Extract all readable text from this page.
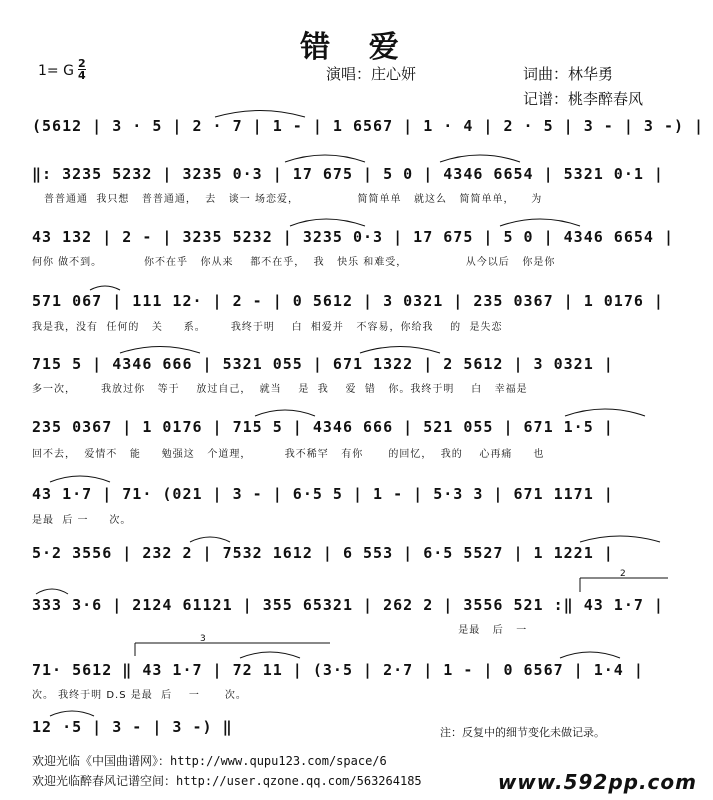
错 爱
1= G $\frac{2}{4}$	演唱：庄心妍	词曲：林华勇
记谱：桃李醉春风
(5612 | 3 · 5 | 2 · 7 | 1 - | 1 6567 | 1 · 4 | 2 · 5 | 3 - | 3 -) |
‖: 3235 5232 | 3235 0·3 | 17 675 | 5 0 | 4346 6654 | 5321 0·1 |
普普通通  我只想   普普通通，  去   谈一 场恋爱，              简简单单   就这么   简简单单，    为
43 132 | 2 - | 3235 5232 | 3235 0·3 | 17 675 | 5 0 | 4346 6654 |
何你 做不到。          你不在乎   你从来    都不在乎，  我   快乐 和难受，              从今以后   你是你
571 067 | 111 12· | 2 - | 0 5612 | 3 0321 | 235 0367 | 1 0176 |
我是我，没有  任何的   关     系。      我终于明    白  相爱并   不容易，你给我    的  是失恋
715 5 | 4346 666 | 5321 055 | 671 1322 | 2 5612 | 3 0321 |
多一次，      我放过你   等于    放过自己，  就当    是  我    爱  错   你。我终于明    白   幸福是
235 0367 | 1 0176 | 715 5 | 4346 666 | 521 055 | 671 1·5 |
回不去，  爱情不   能     勉强这   个道理，        我不稀罕   有你      的回忆，  我的    心再痛     也
43 1·7 | 71· (021 | 3 - | 6·5 5 | 1 - | 5·3 3 | 671 1171 |
是最  后 一     次。
5·2 3556 | 232 2 | 7532 1612 | 6 553 | 6·5 5527 | 1 1221 |
333 3·6 | 2124 61121 | 355 65321 | 262 2 | 3556 521 :‖ 43 1·7 |
是最   后   一
71· 5612 ‖ 43 1·7 | 72 11 | (3·5 | 2·7 | 1 - | 0 6567 | 1·4 |
次。 我终于明 D.S 是最  后    一      次。
12 ·5 | 3 - | 3 -) ‖
2
3
注：反复中的细节变化未做记录。
欢迎光临《中国曲谱网》：http://www.qupu123.com/space/6
欢迎光临醉春风记谱空间：http://user.qzone.qq.com/563264185	www.592pp.com
